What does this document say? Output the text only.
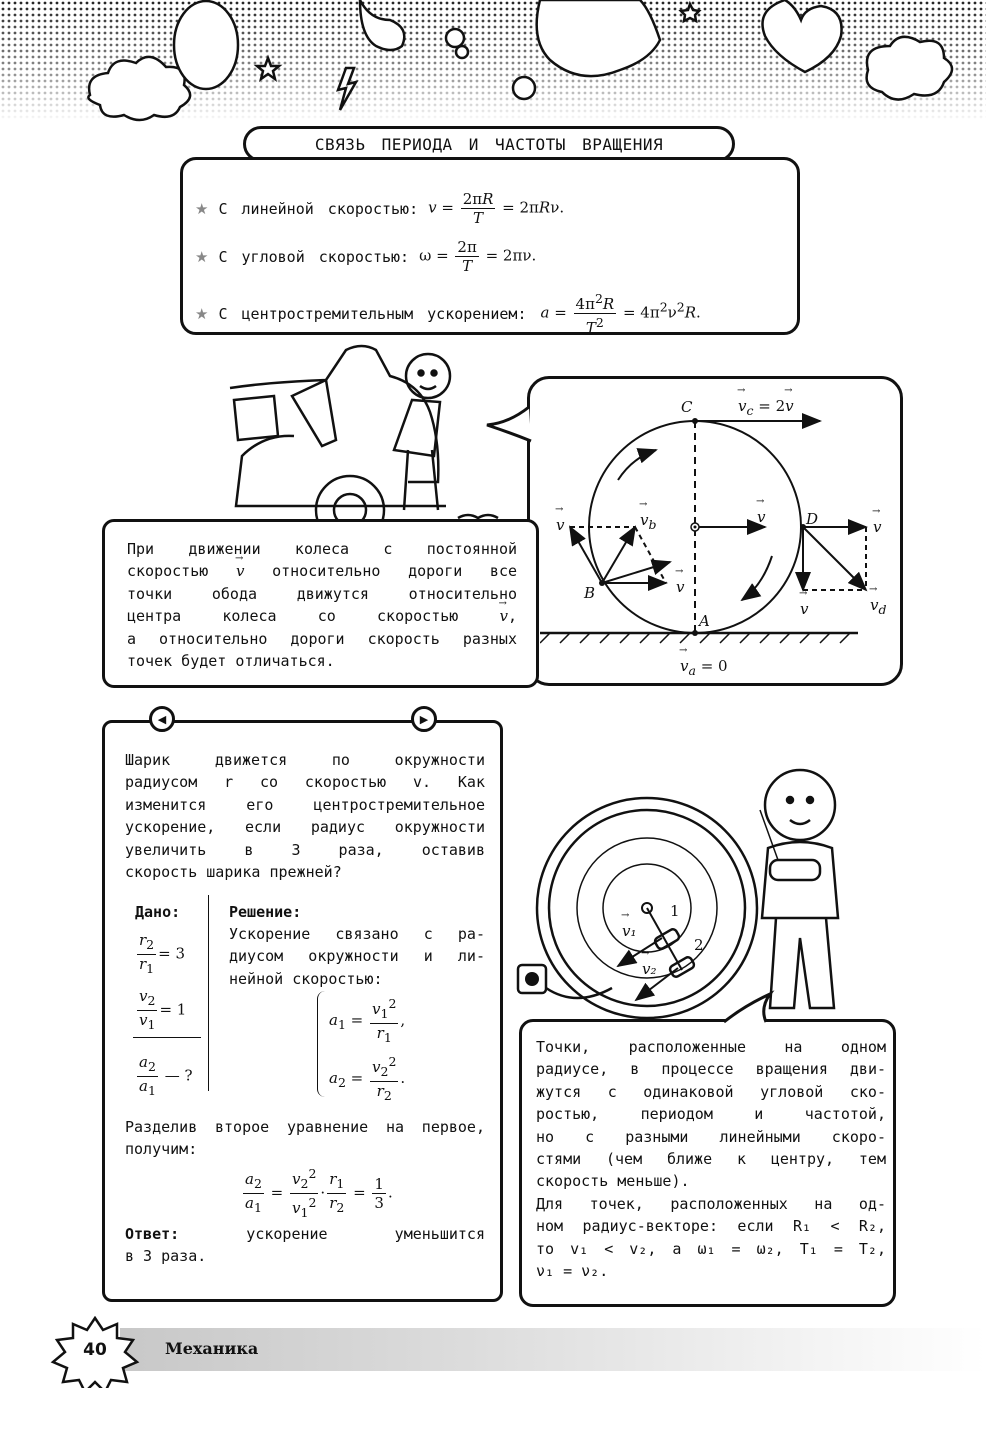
СВЯЗЬ ПЕРИОДА И ЧАСТОТЫ ВРАЩЕНИЯ
★ С линейной скоростью: $v = \frac{2\pi R}{T} = 2\pi R\nu$.
★ С угловой скоростью: $\omega = \frac{2\pi}{T} = 2\pi\nu$.
★ С центростремительным ускорением: $a = \frac{4\pi^2R}{T^2} = 4\pi^2\nu^2R$.
C	→ $v_c = 2\to v$
D	→ v
→ v
→ v	→ $v_b$
→ v
B
→ v	→ $v_d$
A
→ $v_a = 0$
При движении колеса с постоянной
скоростью → v относительно дороги все
точки обода движутся относительно
центра колеса со скоростью	→ v,
а относительно дороги скорость разных
точек будет отличаться.
Шарик движется по окружности
радиусом r со скоростью v. Как
изменится его центростремительное
ускорение, если радиус окружности
увеличить в 3 раза, оставив
скорость шарика прежней?
Дано:
$\frac{r_2}{r_1} = 3$
$\frac{v_2}{v_1} = 1$
$\frac{a_2}{a_1}$ — ?
Решение:
Ускорение связано с ра-
диусом окружности и ли-
нейной скоростью:
$a_1 = \frac{v_1^2}{r_1}$ ,
$a_2 = \frac{v_2^2}{r_2}$ .
Разделив второе уравнение на первое,
получим:
$\frac{a_2}{a_1} = \frac{v_2^2}{v_1^2} \cdot \frac{r_1}{r_2} = \frac{1}{3}$ .
Ответ:	ускорение уменьшится
в 3 раза.
◀	▶
1
2
→ v₁
→ v₂
Точки, расположенные на одном
радиусе, в процессе вращения дви-
жутся с одинаковой угловой ско-
ростью, периодом и частотой,
но с разными линейными скоро-
стями (чем ближе к центру, тем
скорость меньше).
Для точек, расположенных на од-
ном радиус-векторе: если R₁ < R₂,
то v₁ < v₂, а ω₁ = ω₂, T₁ = T₂,
ν₁ = ν₂.
40	Механика
